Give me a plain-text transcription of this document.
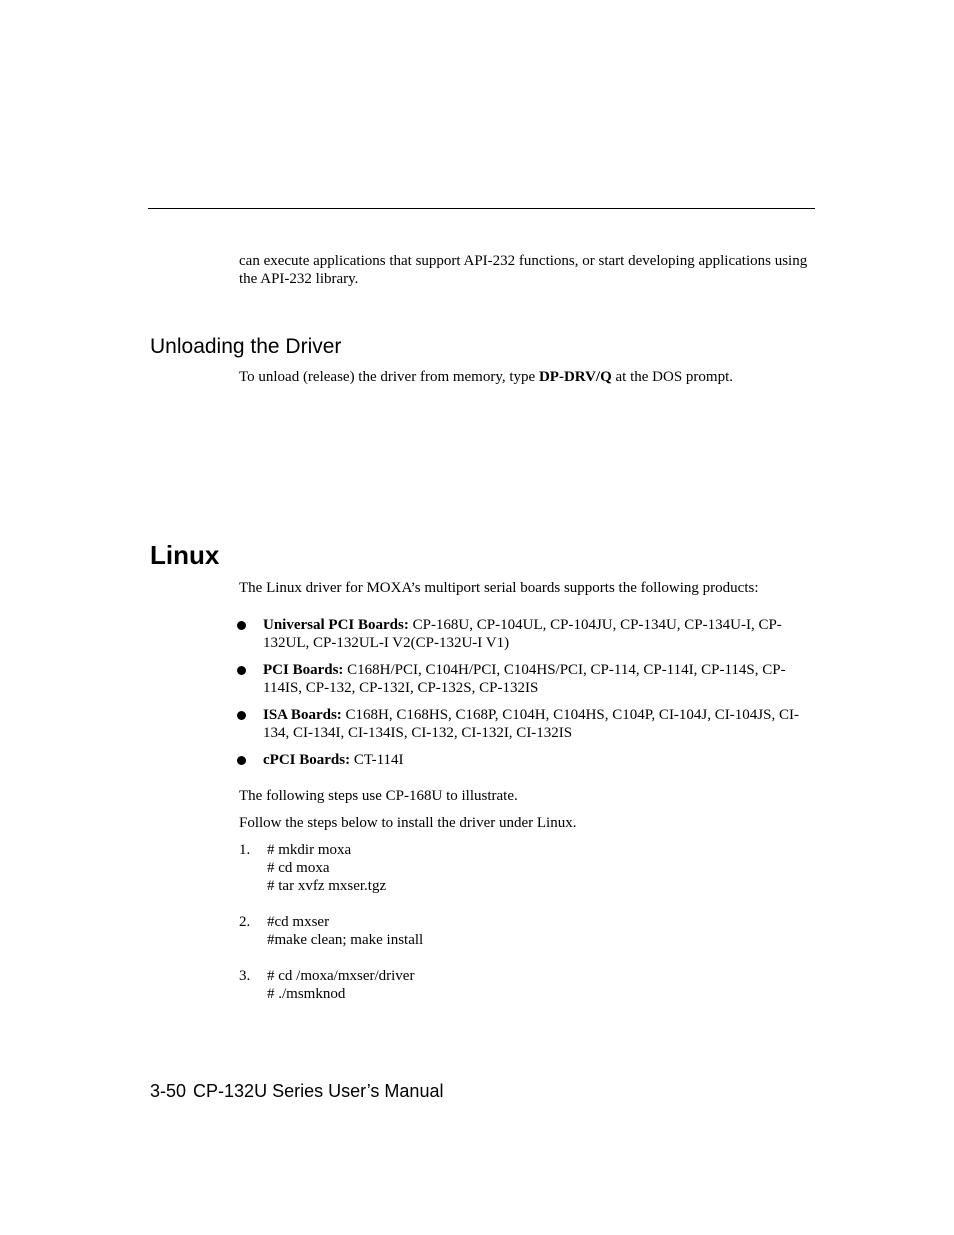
can execute applications that support API-232 functions, or start developing applications using the API-232 library.

Unloading the Driver

To unload (release) the driver from memory, type DP-DRV/Q at the DOS prompt.

Linux

The Linux driver for MOXA’s multiport serial boards supports the following products:

Universal PCI Boards: CP-168U, CP-104UL, CP-104JU, CP-134U, CP-134U-I, CP-132UL, CP-132UL-I V2(CP-132U-I V1)
PCI Boards: C168H/PCI, C104H/PCI, C104HS/PCI, CP-114, CP-114I, CP-114S, CP-114IS, CP-132, CP-132I, CP-132S, CP-132IS
ISA Boards: C168H, C168HS, C168P, C104H, C104HS, C104P, CI-104J, CI-104JS, CI-134, CI-134I, CI-134IS, CI-132, CI-132I, CI-132IS
cPCI Boards: CT-114I

The following steps use CP-168U to illustrate.

Follow the steps below to install the driver under Linux.

1. # mkdir moxa
# cd moxa
# tar xvfz mxser.tgz
2. #cd mxser
#make clean; make install
3. # cd /moxa/mxser/driver
# ./msmknod
3-50 CP-132U Series User’s Manual
